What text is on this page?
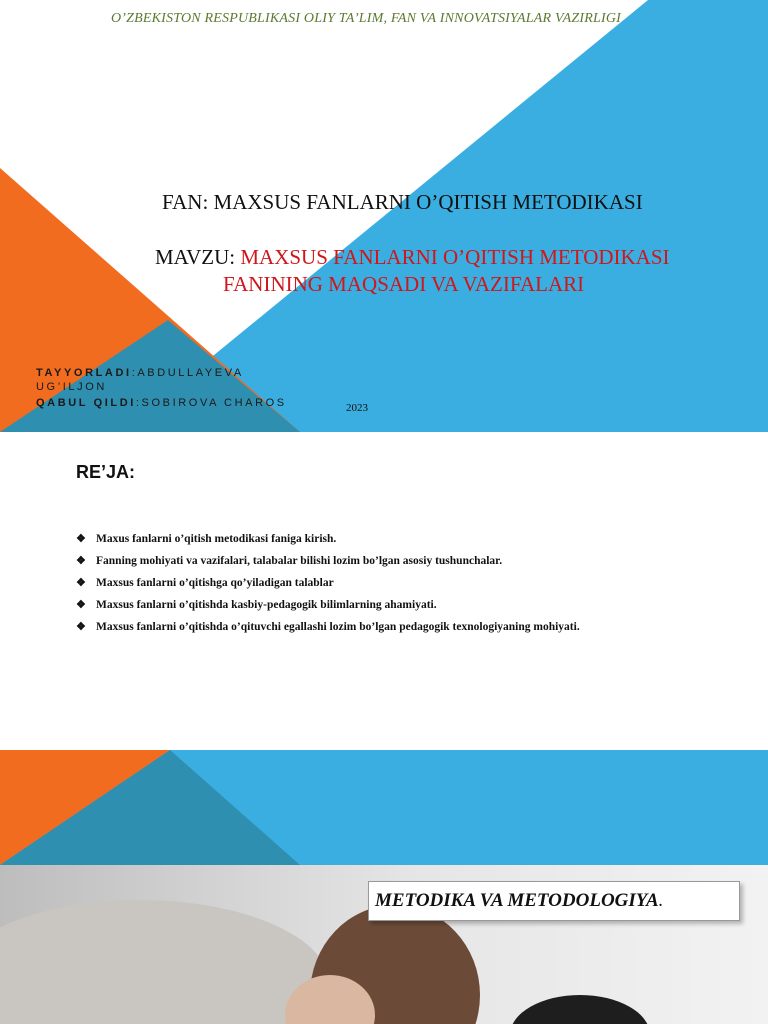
O’ZBEKISTON RESPUBLIKASI OLIY TA’LIM, FAN VA INNOVATSIYALAR VAZIRLIGI
FAN: MAXSUS FANLARNI O’QITISH METODIKASI
MAVZU: MAXSUS FANLARNI O’QITISH METODIKASI
FANINING MAQSADI VA VAZIFALARI
TAYYORLADI:ABDULLAYEVA
UG’ILJON
QABUL QILDI:SOBIROVA CHAROS	2023
RE’JA:
❖ Maxus fanlarni o’qitish metodikasi faniga kirish.
❖ Fanning mohiyati va vazifalari, talabalar bilishi lozim bo’lgan asosiy tushunchalar.
❖ Maxsus fanlarni o’qitishga qo’yiladigan talablar
❖ Maxsus fanlarni o’qitishda kasbiy-pedagogik bilimlarning ahamiyati.
❖ Maxsus fanlarni o’qitishda o’qituvchi egallashi lozim bo’lgan pedagogik texnologiyaning mohiyati.
METODIKA VA METODOLOGIYA .
